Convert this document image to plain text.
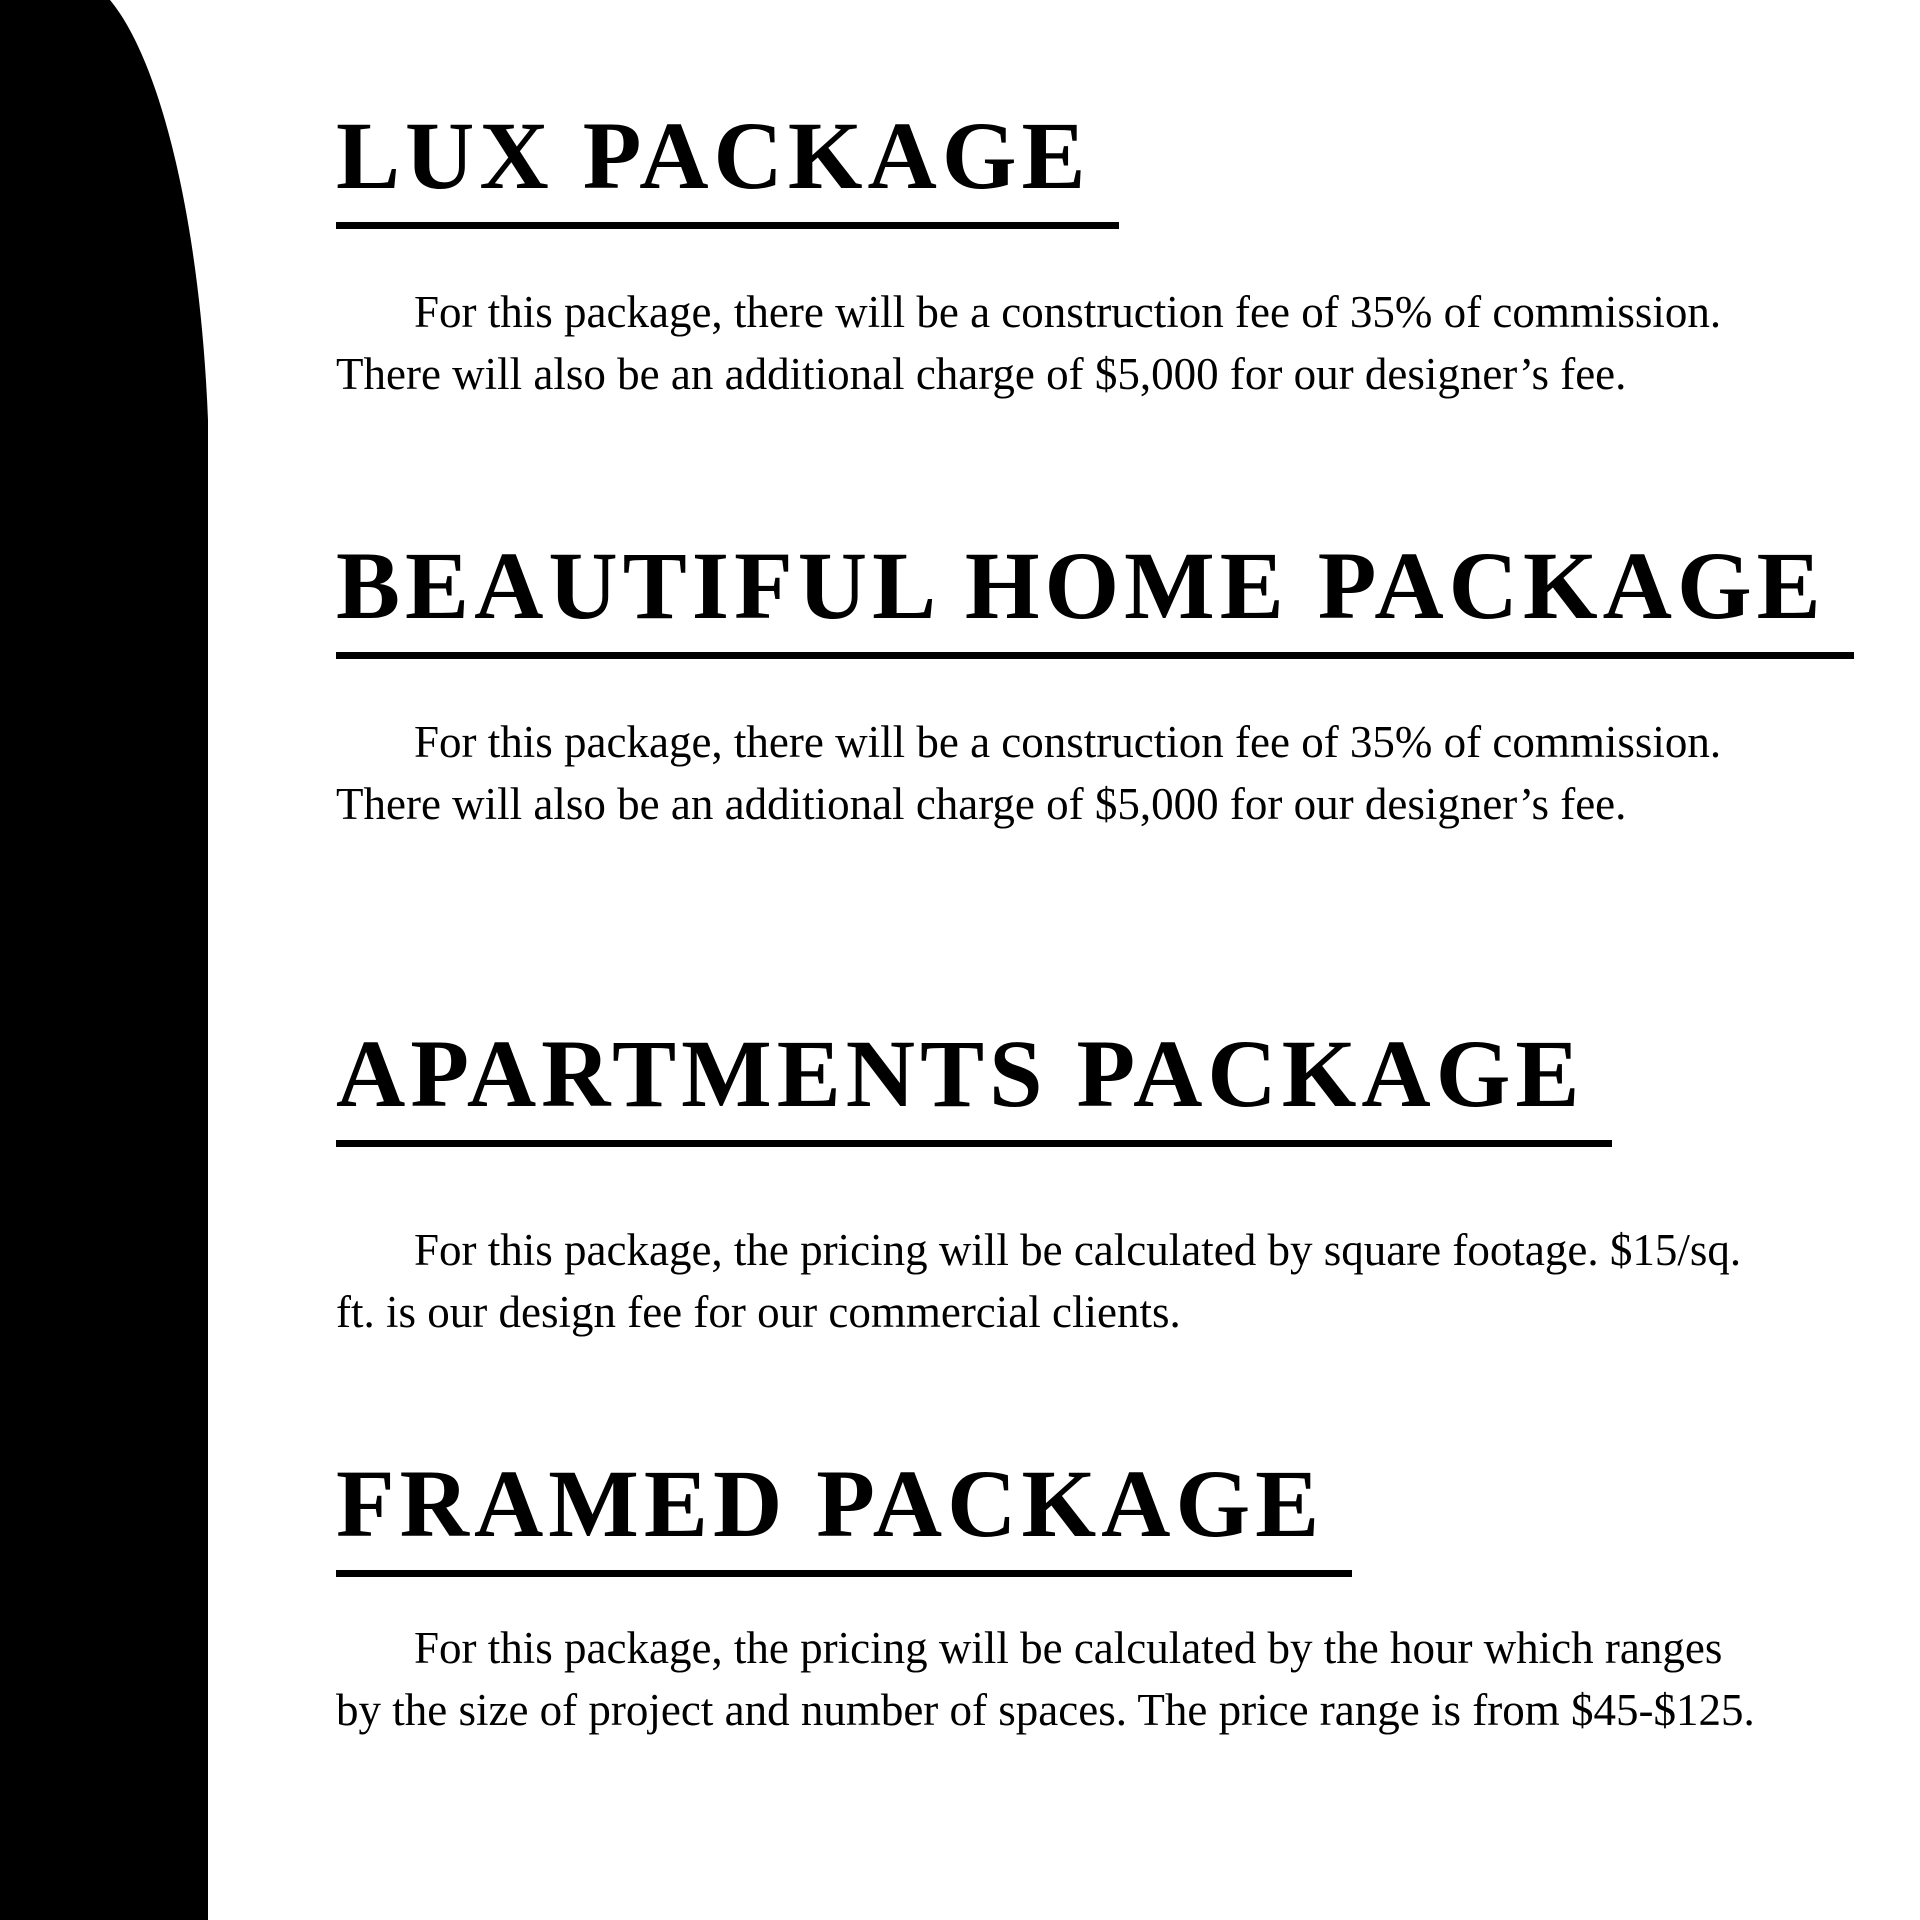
LUX PACKAGE

For this package, there will be a construction fee of 35% of commission. There will also be an additional charge of $5,000 for our designer’s fee.

BEAUTIFUL HOME PACKAGE

For this package, there will be a construction fee of 35% of commission. There will also be an additional charge of $5,000 for our designer’s fee.

APARTMENTS PACKAGE

For this package, the pricing will be calculated by square footage. $15/sq. ft. is our design fee for our commercial clients.

FRAMED PACKAGE

For this package, the pricing will be calculated by the hour which ranges by the size of project and number of spaces. The price range is from $45-$125.
